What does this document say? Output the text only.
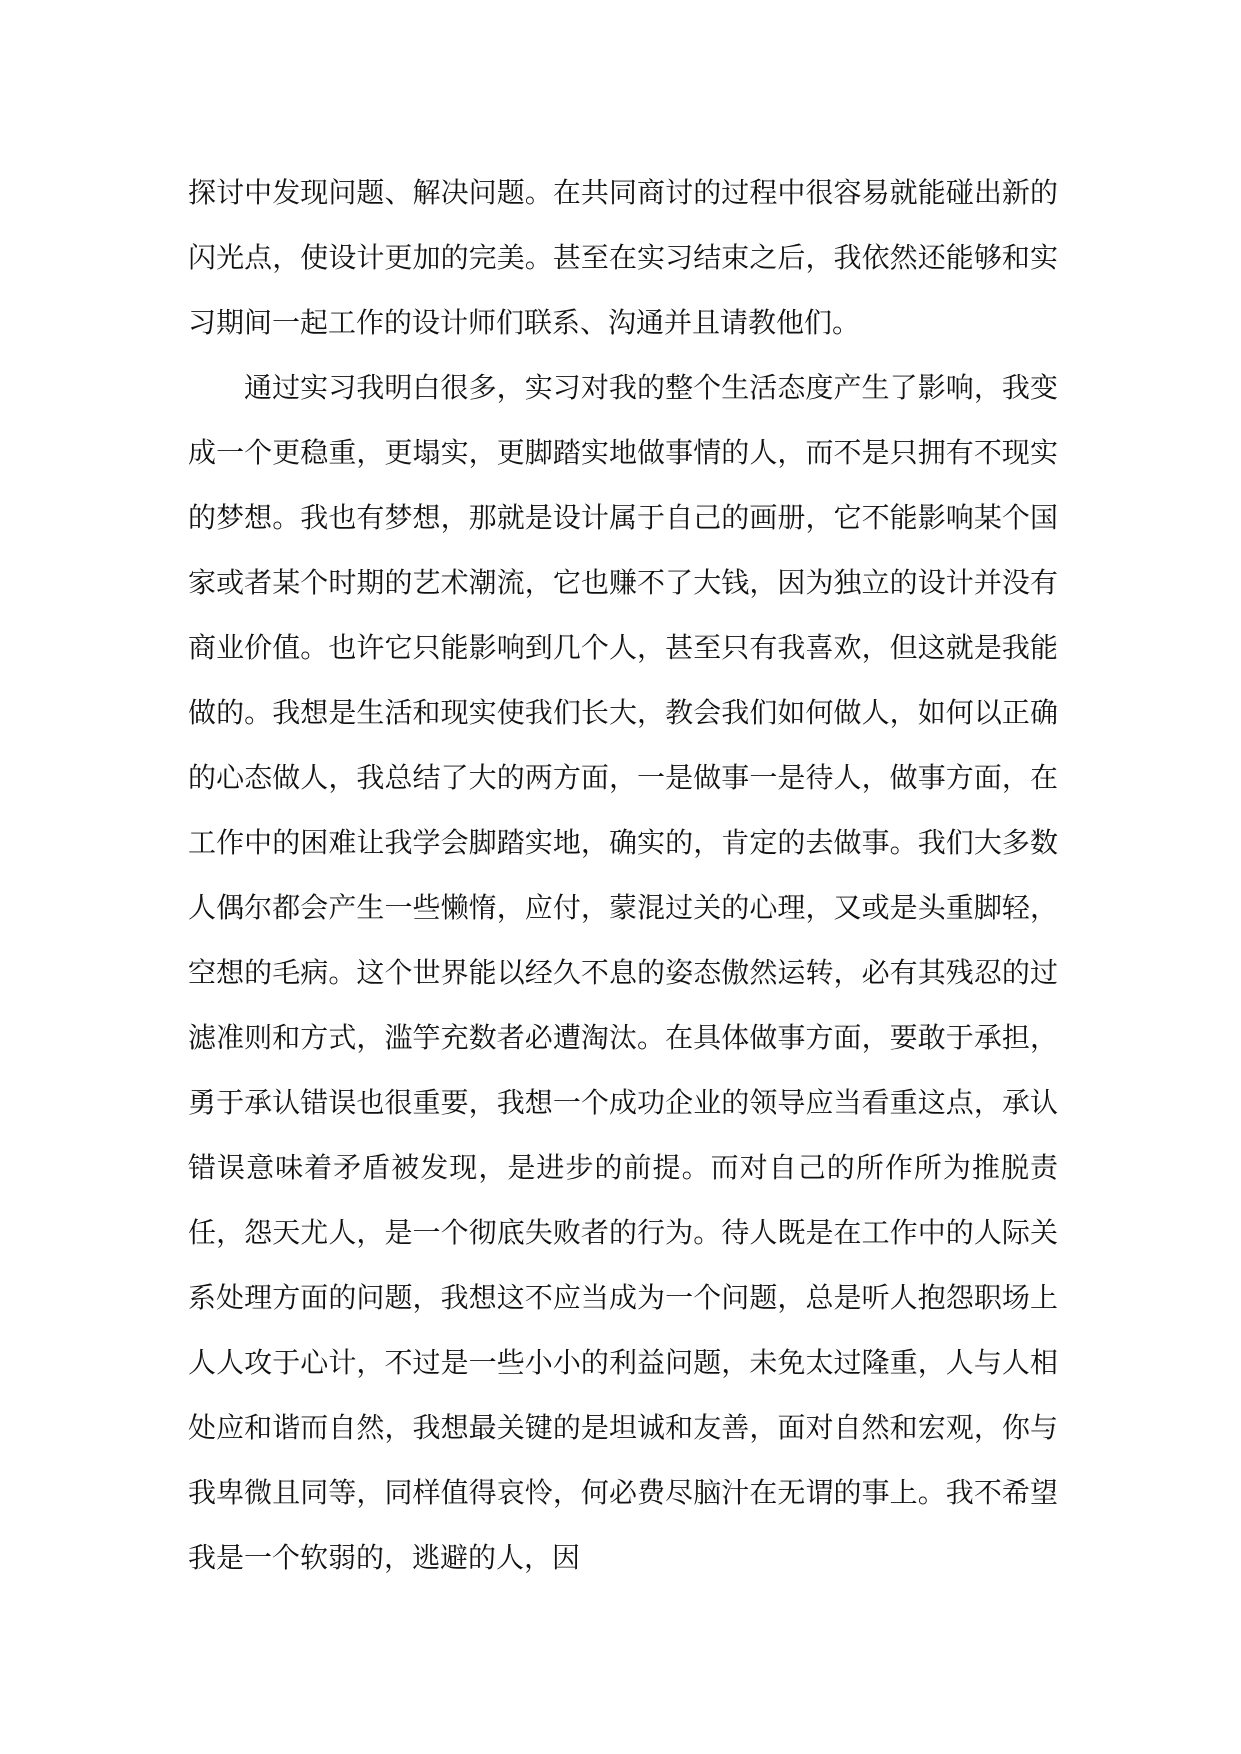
探讨中发现问题、解决问题。在共同商讨的过程中很容易就能碰出新的闪光点，使设计更加的完美。甚至在实习结束之后，我依然还能够和实习期间一起工作的设计师们联系、沟通并且请教他们。

通过实习我明白很多，实习对我的整个生活态度产生了影响，我变成一个更稳重，更塌实，更脚踏实地做事情的人，而不是只拥有不现实的梦想。我也有梦想，那就是设计属于自己的画册，它不能影响某个国家或者某个时期的艺术潮流，它也赚不了大钱，因为独立的设计并没有商业价值。也许它只能影响到几个人，甚至只有我喜欢，但这就是我能做的。我想是生活和现实使我们长大，教会我们如何做人，如何以正确的心态做人，我总结了大的两方面，一是做事一是待人，做事方面，在工作中的困难让我学会脚踏实地，确实的，肯定的去做事。我们大多数人偶尔都会产生一些懒惰，应付，蒙混过关的心理，又或是头重脚轻，空想的毛病。这个世界能以经久不息的姿态傲然运转，必有其残忍的过滤准则和方式，滥竽充数者必遭淘汰。在具体做事方面，要敢于承担，勇于承认错误也很重要，我想一个成功企业的领导应当看重这点，承认错误意味着矛盾被发现，是进步的前提。而对自己的所作所为推脱责任，怨天尤人，是一个彻底失败者的行为。待人既是在工作中的人际关系处理方面的问题，我想这不应当成为一个问题，总是听人抱怨职场上人人攻于心计，不过是一些小小的利益问题，未免太过隆重，人与人相处应和谐而自然，我想最关键的是坦诚和友善，面对自然和宏观，你与我卑微且同等，同样值得哀怜，何必费尽脑汁在无谓的事上。我不希望我是一个软弱的，逃避的人，因
